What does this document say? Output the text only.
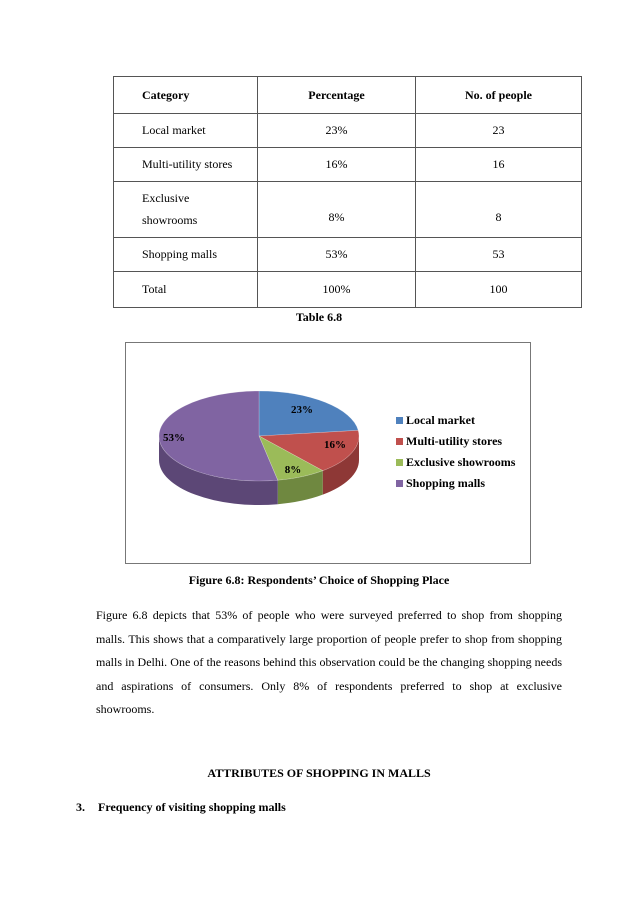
Category	Percentage	No. of people
Local market	23%	23
Multi-utility stores	16%	16

Exclusive
showrooms	8%	8
Shopping malls	53%	53
Total	100%	100
Table 6.8
23%
16%
8%
53%
Local market
Multi-utility stores
Exclusive showrooms
Shopping malls
Figure 6.8: Respondents’ Choice of Shopping Place
Figure 6.8 depicts that 53% of people who were surveyed preferred to shop from shopping malls. This shows that a comparatively large proportion of people prefer to shop from shopping malls in Delhi. One of the reasons behind this observation could be the changing shopping needs and aspirations of consumers. Only 8% of respondents preferred to shop at exclusive showrooms.
ATTRIBUTES OF SHOPPING IN MALLS
3. Frequency of visiting shopping malls
